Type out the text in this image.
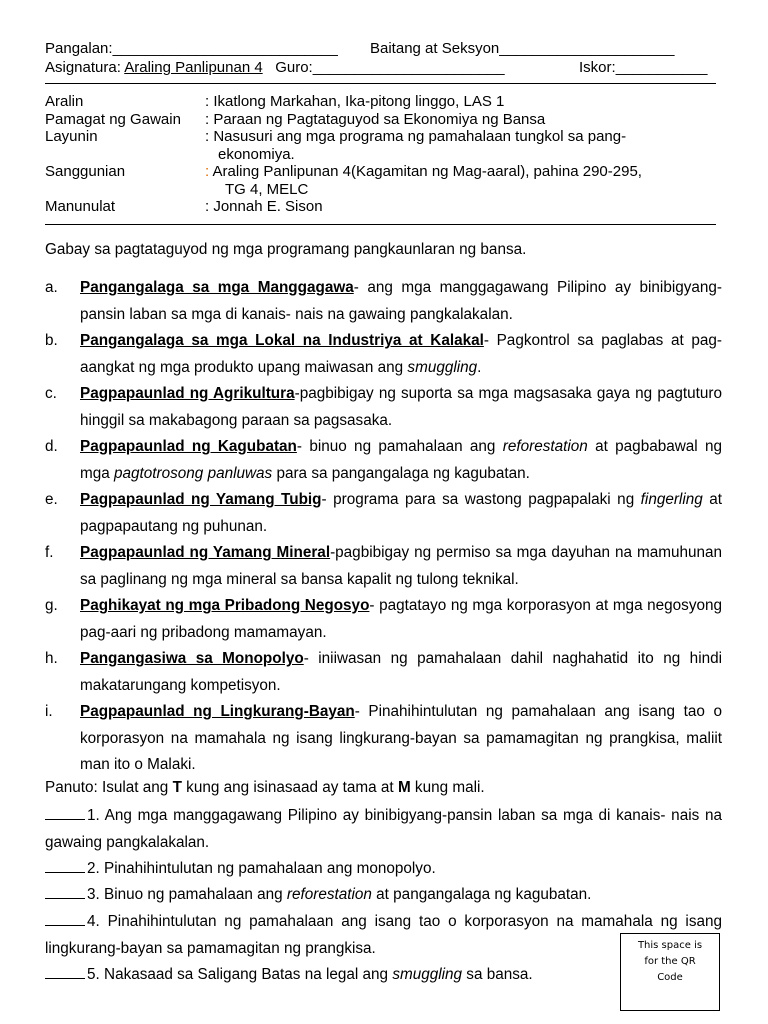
Pangalan:___________________________ Baitang at Seksyon_____________________
Asignatura: Araling Panlipunan 4 Guro:_______________________	Iskor:___________
Aralin	: Ikatlong Markahan, Ika-pitong linggo, LAS 1
Pamagat ng Gawain : Paraan ng Pagtataguyod sa Ekonomiya ng Bansa
Layunin	: Nasusuri ang mga programa ng pamahalaan tungkol sa pang-
ekonomiya.
Sanggunian	: Araling Panlipunan 4(Kagamitan ng Mag-aaral), pahina 290-295,
TG 4, MELC
Manunulat	: Jonnah E. Sison
Gabay sa pagtataguyod ng mga programang pangkaunlaran ng bansa.
a. Pangangalaga sa mga Manggagawa- ang mga manggagawang Pilipino ay binibigyang-pansin laban sa mga di kanais- nais na gawaing pangkalakalan.
b. Pangangalaga sa mga Lokal na Industriya at Kalakal- Pagkontrol sa paglabas at pag-aangkat ng mga produkto upang maiwasan ang smuggling.
c. Pagpapaunlad ng Agrikultura-pagbibigay ng suporta sa mga magsasaka gaya ng pagtuturo hinggil sa makabagong paraan sa pagsasaka.
d. Pagpapaunlad ng Kagubatan- binuo ng pamahalaan ang reforestation at pagbabawal ng mga pagtotrosong panluwas para sa pangangalaga ng kagubatan.
e. Pagpapaunlad ng Yamang Tubig- programa para sa wastong pagpapalaki ng fingerling at pagpapautang ng puhunan.
f. Pagpapaunlad ng Yamang Mineral-pagbibigay ng permiso sa mga dayuhan na mamuhunan sa paglinang ng mga mineral sa bansa kapalit ng tulong teknikal.
g. Paghikayat ng mga Pribadong Negosyo- pagtatayo ng mga korporasyon at mga negosyong pag-aari ng pribadong mamamayan.
h. Pangangasiwa sa Monopolyo- iniiwasan ng pamahalaan dahil naghahatid ito ng hindi makatarungang kompetisyon.
i. Pagpapaunlad ng Lingkurang-Bayan- Pinahihintulutan ng pamahalaan ang isang tao o korporasyon na mamahala ng isang lingkurang-bayan sa pamamagitan ng prangkisa, maliit man ito o Malaki.
Panuto: Isulat ang T kung ang isinasaad ay tama at M kung mali.
1. Ang mga manggagawang Pilipino ay binibigyang-pansin laban sa mga di kanais- nais na gawaing pangkalakalan.
2. Pinahihintulutan ng pamahalaan ang monopolyo.
3. Binuo ng pamahalaan ang reforestation at pangangalaga ng kagubatan.
4. Pinahihintulutan ng pamahalaan ang isang tao o korporasyon na mamahala ng isang lingkurang-bayan sa pamamagitan ng prangkisa.
5. Nakasaad sa Saligang Batas na legal ang smuggling sa bansa.
This space is
for the QR
Code
